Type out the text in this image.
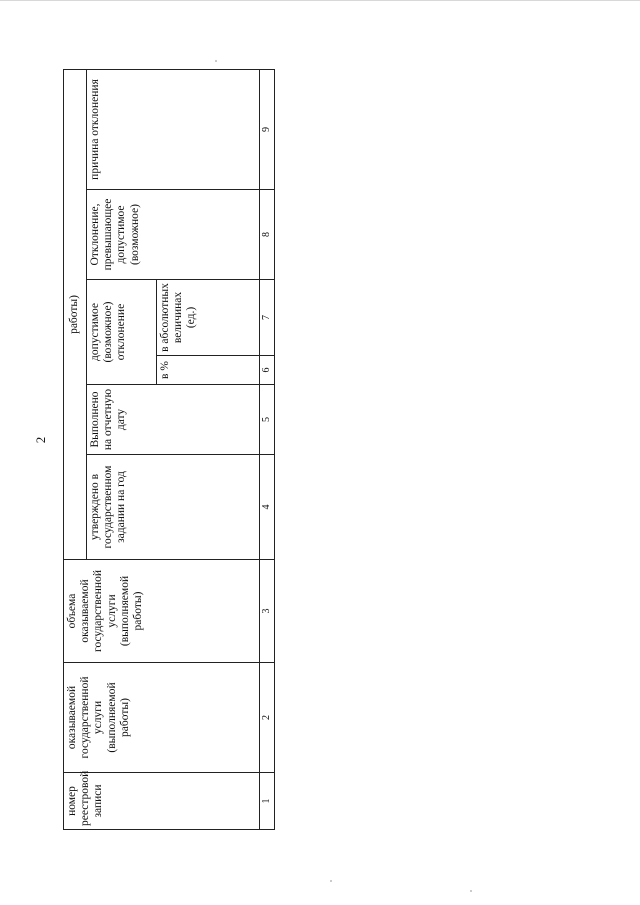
2
номер реестровой записи	оказываемой государственной услуги (выполняемой работы)	объема оказываемой государственной услуги (выполняемой работы)	работы)					
			утверждено в государственном задании на год	Выполнено на отчетную дату	допустимое (возможное) отклонение		Отклонение, превышающее допустимое (возможное)	причина отклонения

					в %	в абсолютных величинах (ед.)		
1	2	3	4	5	6	7	8	9
